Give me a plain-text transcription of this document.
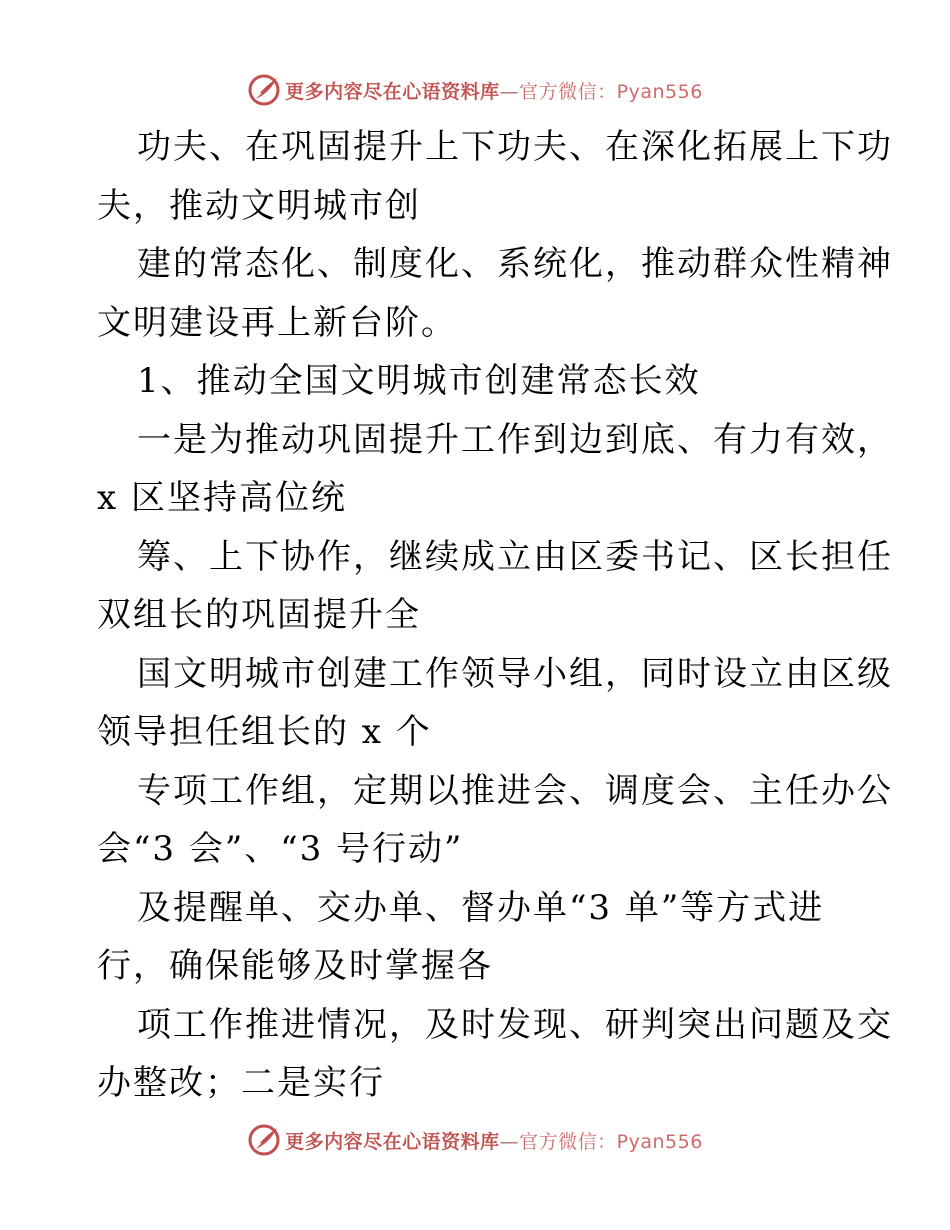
更多内容尽在心语资料库—官方微信：Pyan556
功夫、在巩固提升上下功夫、在深化拓展上下功
夫，推动文明城市创
建的常态化、制度化、系统化，推动群众性精神
文明建设再上新台阶。
1、推动全国文明城市创建常态长效
一是为推动巩固提升工作到边到底、有力有效，
x 区坚持高位统
筹、上下协作，继续成立由区委书记、区长担任
双组长的巩固提升全
国文明城市创建工作领导小组，同时设立由区级
领导担任组长的 x 个
专项工作组，定期以推进会、调度会、主任办公
会“3 会”、“3 号行动”
及提醒单、交办单、督办单“3 单”等方式进
行，确保能够及时掌握各
项工作推进情况，及时发现、研判突出问题及交
办整改；二是实行
更多内容尽在心语资料库—官方微信：Pyan556
